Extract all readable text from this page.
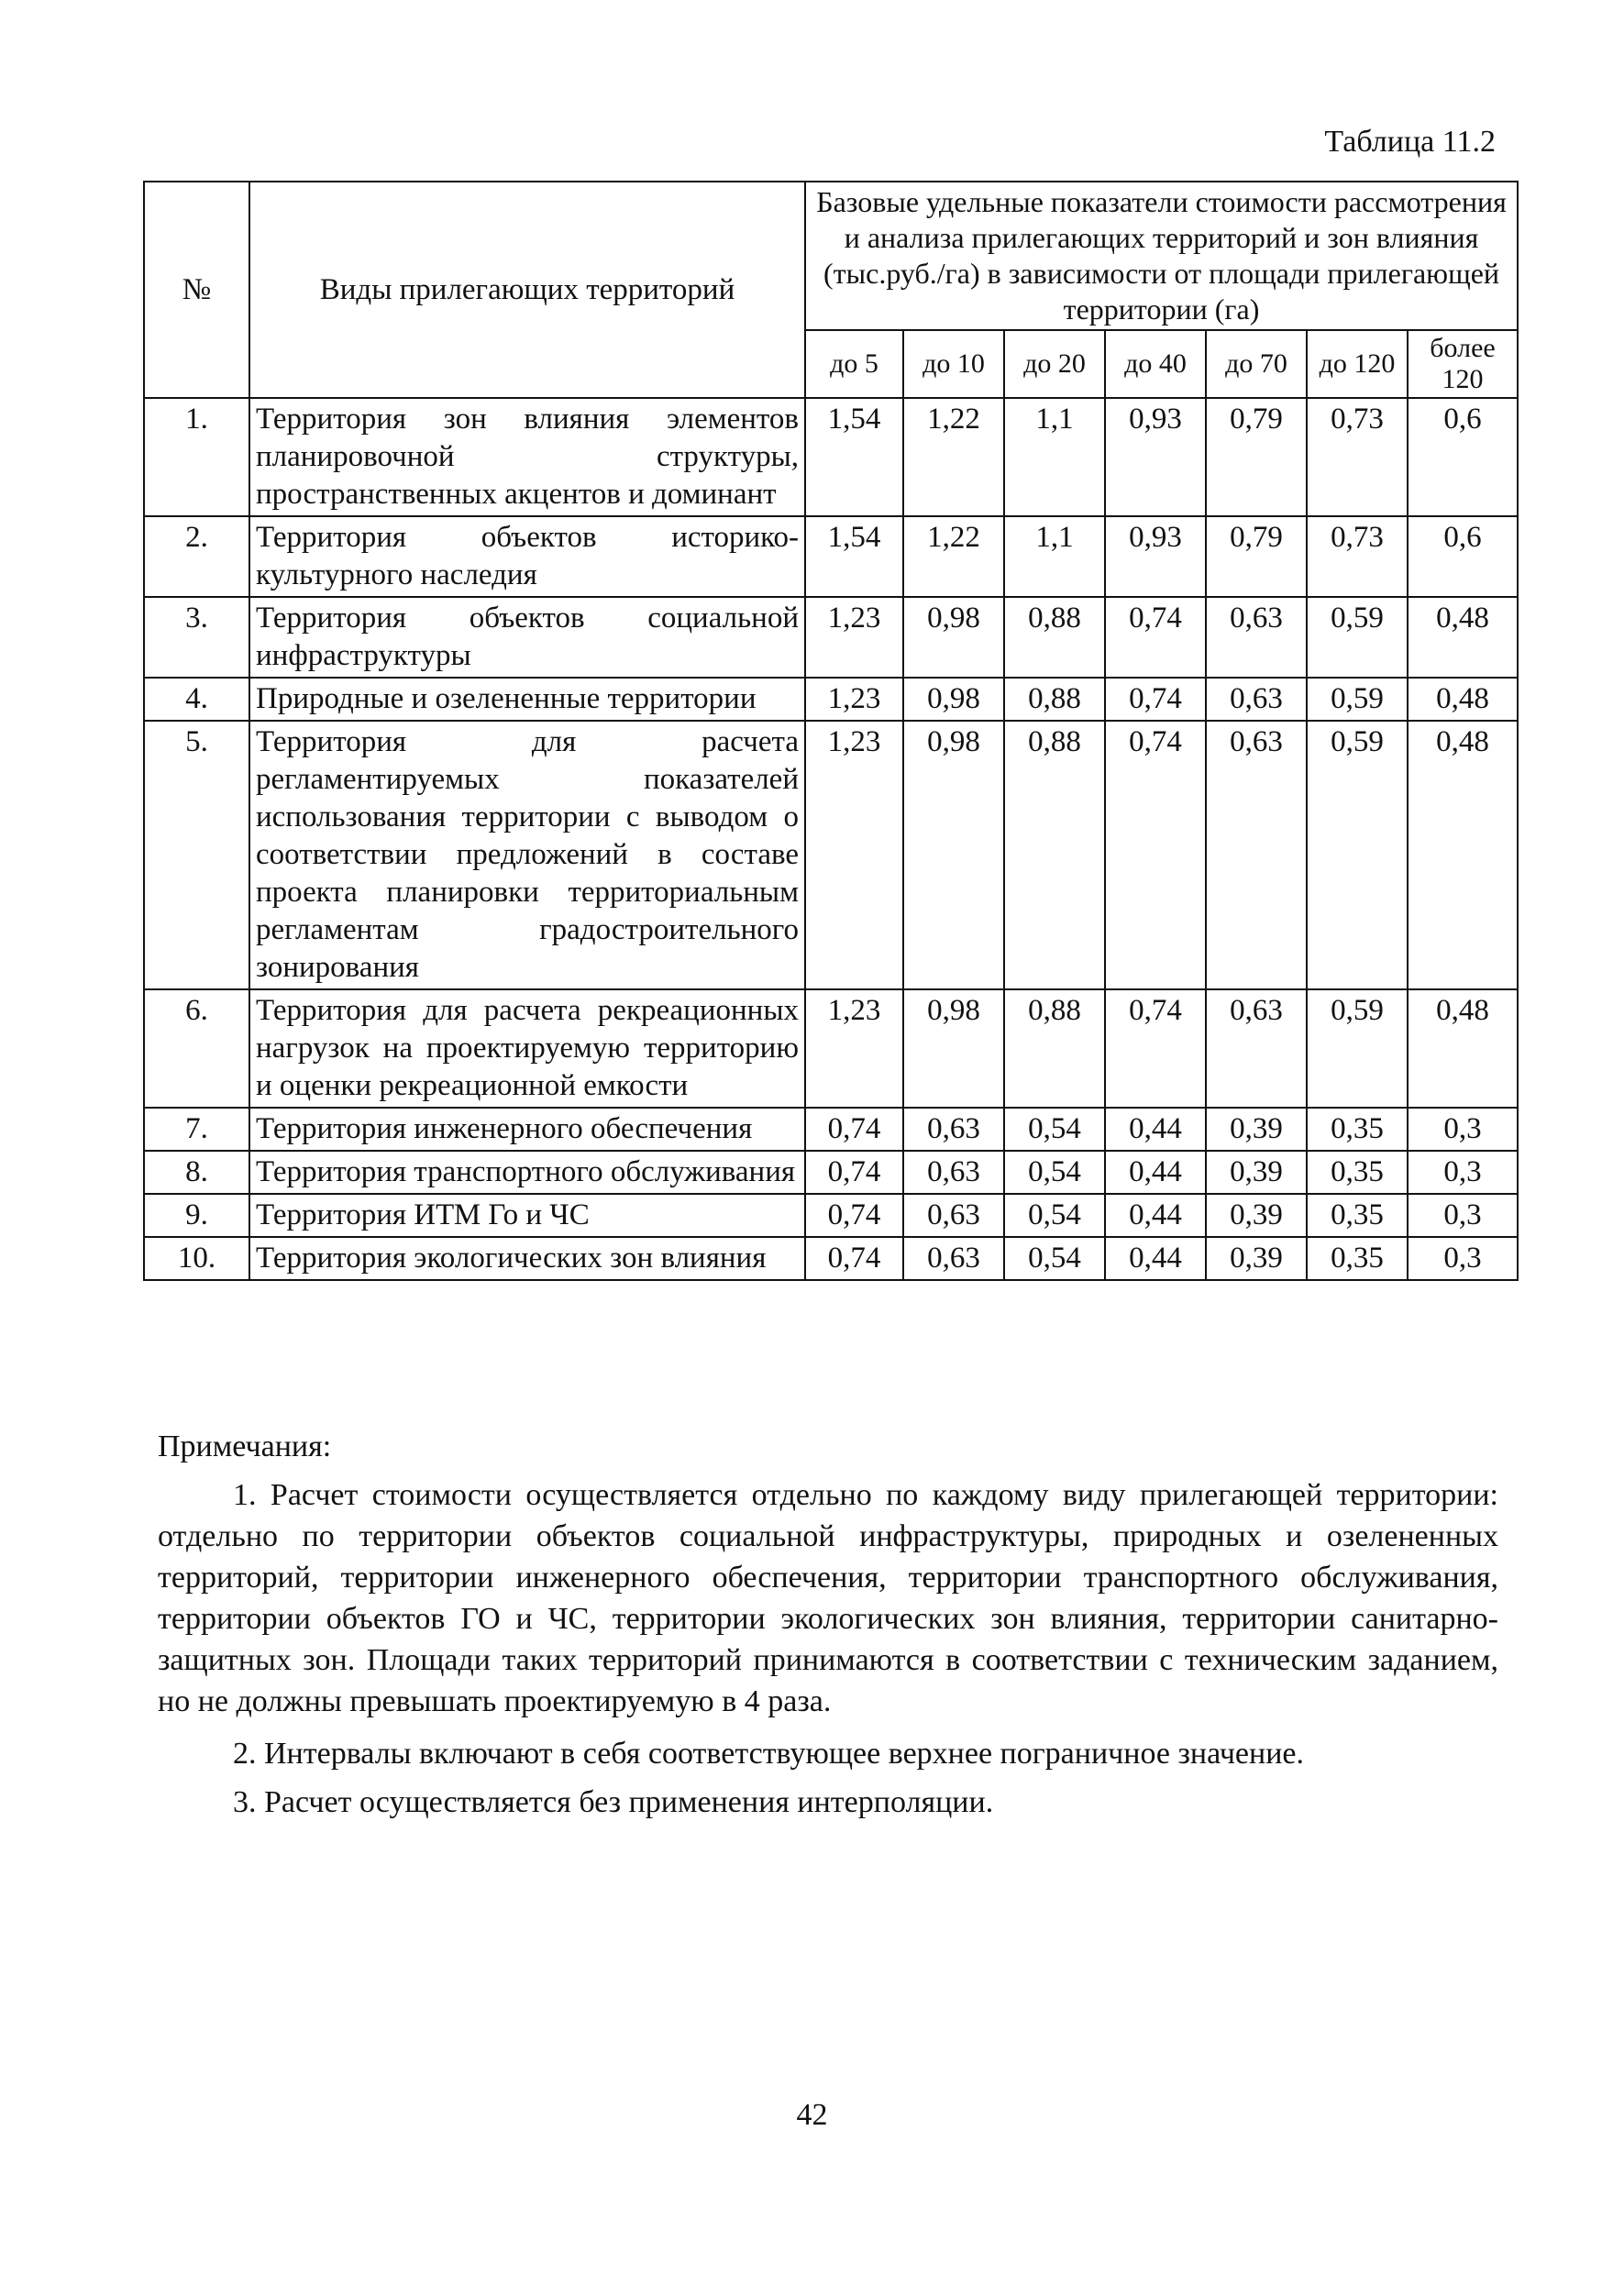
Таблица 11.2
№	Виды прилегающих территорий	Базовые удельные показатели стоимости рассмотрения и анализа прилегающих территорий и зон влияния (тыс.руб./га) в зависимости от площади прилегающей территории (га)						
		до 5	до 10	до 20	до 40	до 70	до 120	более 120
1.	Территория зон влияния элементов планировочной структуры, пространственных акцентов и доминант	1,54	1,22	1,1	0,93	0,79	0,73	0,6
2.	Территория объектов историко-культурного наследия	1,54	1,22	1,1	0,93	0,79	0,73	0,6
3.	Территория объектов социальной инфраструктуры	1,23	0,98	0,88	0,74	0,63	0,59	0,48
4.	Природные и озелененные территории	1,23	0,98	0,88	0,74	0,63	0,59	0,48
5.	Территория для расчета регламентируемых показателей использования территории с выводом о соответствии предложений в составе проекта планировки территориальным регламентам градостроительного зонирования	1,23	0,98	0,88	0,74	0,63	0,59	0,48
6.	Территория для расчета рекреационных нагрузок на проектируемую территорию и оценки рекреационной емкости	1,23	0,98	0,88	0,74	0,63	0,59	0,48
7.	Территория инженерного обеспечения	0,74	0,63	0,54	0,44	0,39	0,35	0,3
8.	Территория транспортного обслуживания	0,74	0,63	0,54	0,44	0,39	0,35	0,3
9.	Территория ИТМ Го и ЧС	0,74	0,63	0,54	0,44	0,39	0,35	0,3
10.	Территория экологических зон влияния	0,74	0,63	0,54	0,44	0,39	0,35	0,3
Примечания:
1. Расчет стоимости осуществляется отдельно по каждому виду прилегающей территории: отдельно по территории объектов социальной инфраструктуры, природных и озелененных территорий, территории инженерного обеспечения, территории транспортного обслуживания, территории объектов ГО и ЧС, территории экологических зон влияния, территории санитарно-защитных зон. Площади таких территорий принимаются в соответствии с техническим заданием, но не должны превышать проектируемую в 4 раза.
2. Интервалы включают в себя соответствующее верхнее пограничное значение.
3. Расчет осуществляется без применения интерполяции.
42
